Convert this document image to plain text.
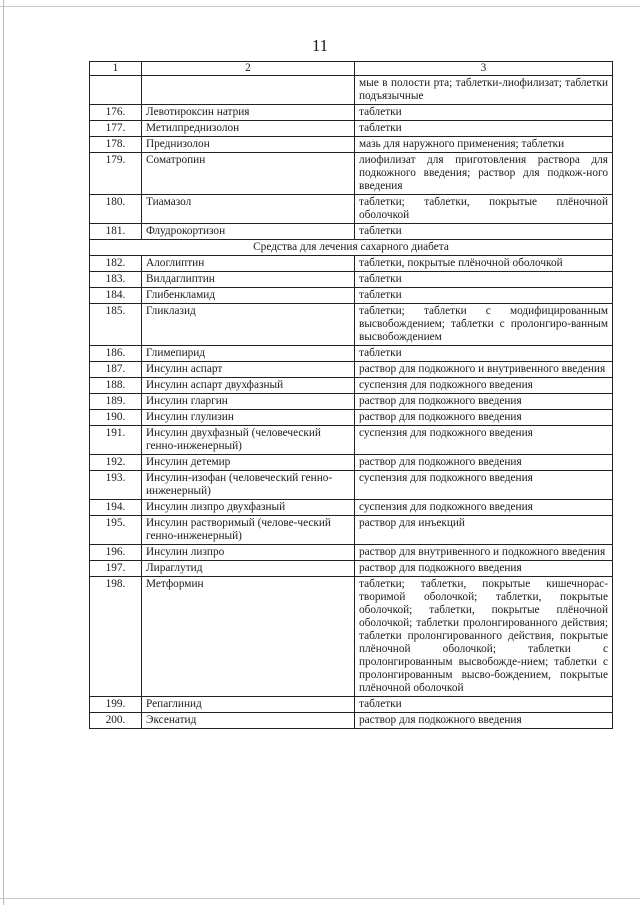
11
1	2	3
		мые в полости рта; таблетки-лиофилизат; таблетки подъязычные
176.	Левотироксин натрия	таблетки
177.	Метилпреднизолон	таблетки
178.	Преднизолон	мазь для наружного применения; таблетки
179.	Соматропин	лиофилизат для приготовления раствора для подкожного введения; раствор для подкож-ного введения
180.	Тиамазол	таблетки; таблетки, покрытые плёночной оболочкой
181.	Флудрокортизон	таблетки
Средства для лечения сахарного диабета		
182.	Алоглиптин	таблетки, покрытые плёночной оболочкой
183.	Вилдаглиптин	таблетки
184.	Глибенкламид	таблетки
185.	Гликлазид	таблетки; таблетки с модифицированным высвобождением; таблетки с пролонгиро-ванным высвобождением
186.	Глимепирид	таблетки
187.	Инсулин аспарт	раствор для подкожного и внутривенного введения
188.	Инсулин аспарт двухфазный	суспензия для подкожного введения
189.	Инсулин гларгин	раствор для подкожного введения
190.	Инсулин глулизин	раствор для подкожного введения
191.	Инсулин двухфазный (человеческий генно-инженерный)	суспензия для подкожного введения
192.	Инсулин детемир	раствор для подкожного введения
193.	Инсулин-изофан (человеческий генно-инженерный)	суспензия для подкожного введения
194.	Инсулин лизпро двухфазный	суспензия для подкожного введения
195.	Инсулин растворимый (челове-ческий генно-инженерный)	раствор для инъекций
196.	Инсулин лизпро	раствор для внутривенного и подкожного введения
197.	Лираглутид	раствор для подкожного введения
198.	Метформин	таблетки; таблетки, покрытые кишечнорас-творимой оболочкой; таблетки, покрытые оболочкой; таблетки, покрытые плёночной оболочкой; таблетки пролонгированного действия; таблетки пролонгированного действия, покрытые плёночной оболочкой; таблетки с пролонгированным высвобожде-нием; таблетки с пролонгированным высво-бождением, покрытые плёночной оболочкой
199.	Репаглинид	таблетки
200.	Эксенатид	раствор для подкожного введения
